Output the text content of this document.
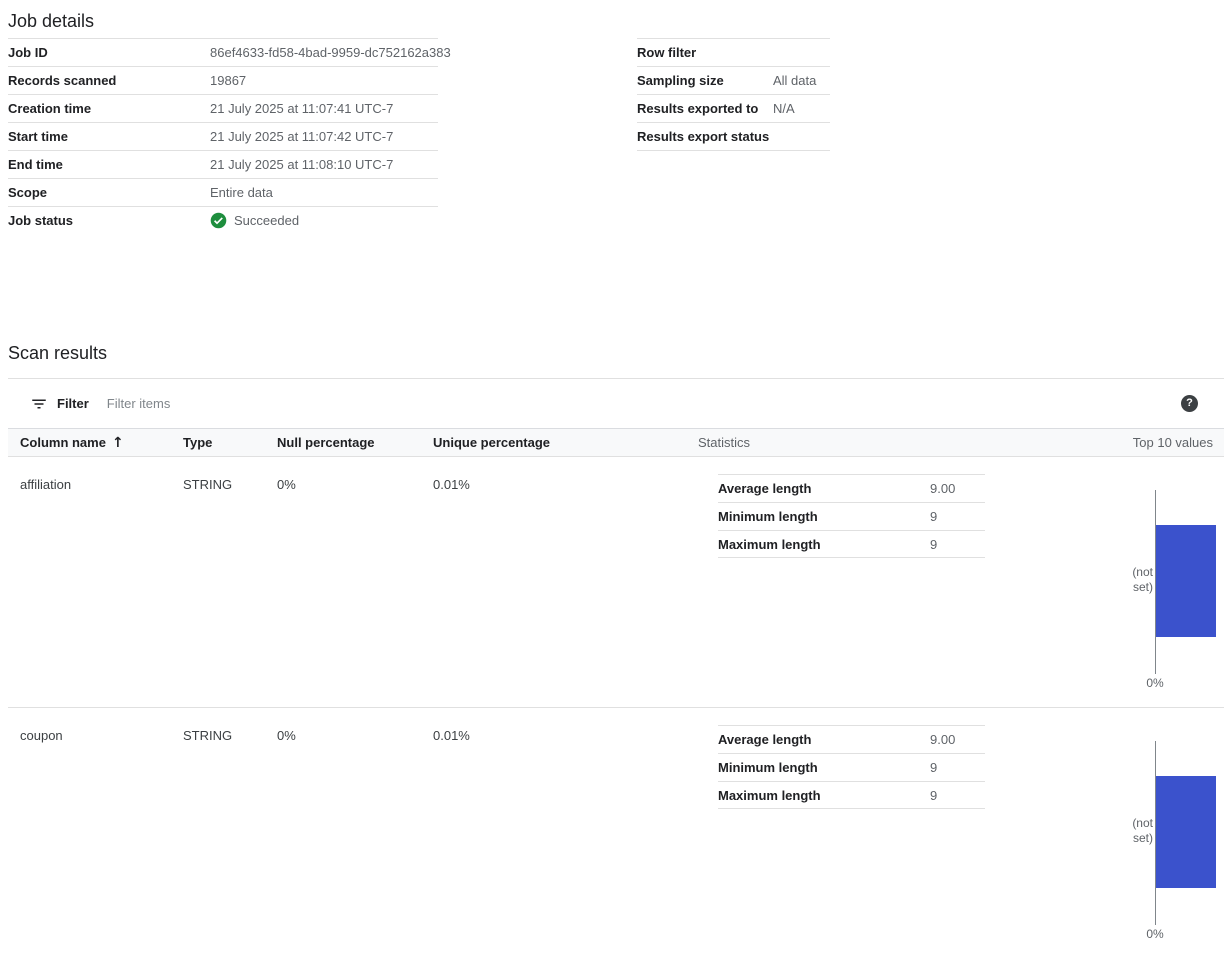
Job details
Job ID	86ef4633-fd58-4bad-9959-dc752162a383
Records scanned	19867
Creation time	21 July 2025 at 11:07:41 UTC-7
Start time	21 July 2025 at 11:07:42 UTC-7
End time	21 July 2025 at 11:08:10 UTC-7
Scope	Entire data
Job status	Succeeded
Row filter
Sampling size	All data
Results exported to	N/A
Results export status
Scan results
Filter
Filter items	?
Column name ↑	Type	Null percentage	Unique percentage	Statistics	Top 10 values
affiliation	STRING	0%	0.01%	Average length	9.00
Minimum length	9
Maximum length	9
(not set)
0%
coupon	STRING	0%	0.01%	Average length	9.00
Minimum length	9
Maximum length	9
(not set)
0%
